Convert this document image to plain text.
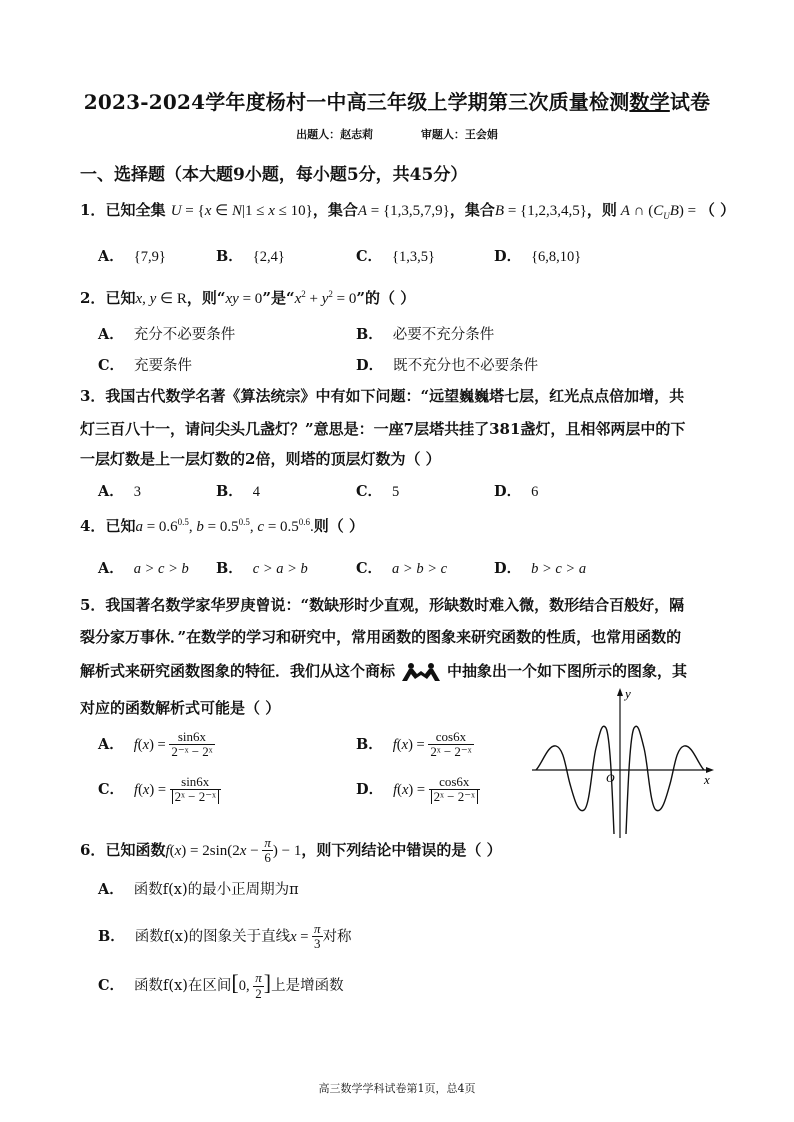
2023-2024学年度杨村一中高三年级上学期第三次质量检测数学试卷
出题人：赵志莉	审题人：王会娟
一、选择题（本大题9小题，每小题5分，共45分）
1．已知全集 U = {x ∈ N|1 ≤ x ≤ 10}，集合A = {1,3,5,7,9}，集合B = {1,2,3,4,5}，则 A ∩ $(C_UB)$ = （ ）
A． {7,9}	B． {2,4}	C． {1,3,5}	D． {6,8,10}
2．已知x, y ∈ R，则“xy = 0”是“$x^2 + y^2 = 0$”的（ ）
A． 充分不必要条件	B． 必要不充分条件
C． 充要条件	D． 既不充分也不必要条件
3．我国古代数学名著《算法统宗》中有如下问题：“远望巍巍塔七层，红光点点倍加增，共
灯三百八十一，请问尖头几盏灯？”意思是：一座7层塔共挂了381盏灯，且相邻两层中的下
一层灯数是上一层灯数的2倍，则塔的顶层灯数为（ ）
A． 3	B． 4	C． 5	D． 6
4．已知$a = 0.6^{0.5}$, $b = 0.5^{0.5}$, $c = 0.5^{0.6}$.则（ ）
A． a > c > b B． c > a > b	C． a > b > c	D． b > c > a
5．我国著名数学家华罗庚曾说：“数缺形时少直观，形缺数时难入微，数形结合百般好，隔
裂分家万事休．”在数学的学习和研究中，常用函数的图象来研究函数的性质，也常用函数的
解析式来研究函数图象的特征．我们从这个商标	中抽象出一个如下图所示的图象，其
对应的函数解析式可能是（ ）
A． $f(x) = \frac{\sin 6x}{\text{2⁻ˣ − 2ˣ}}$	B． $f(x) = \frac{\cos 6x}{\text{2ˣ − 2⁻ˣ}}$
C． $f(x) = \frac{\sin 6x}{\text{2ˣ − 2⁻ˣ}}$	D． $f(x) = \frac{\cos 6x}{\text{2ˣ − 2⁻ˣ}}$
y
x
O
6．已知函数$f(x) = 2\sin(2x - \frac{\pi}{6}$ ) − 1，则下列结论中错误的是（ ）
A． 函数f(x)的最小正周期为π
B． 函数f(x)的图象关于直线$x = \frac{\pi}{3}$ 对称
C． 函数f(x)在区间[0, $\frac{\pi}{2}$ ]上是增函数
高三数学学科试卷第1页，总4页
